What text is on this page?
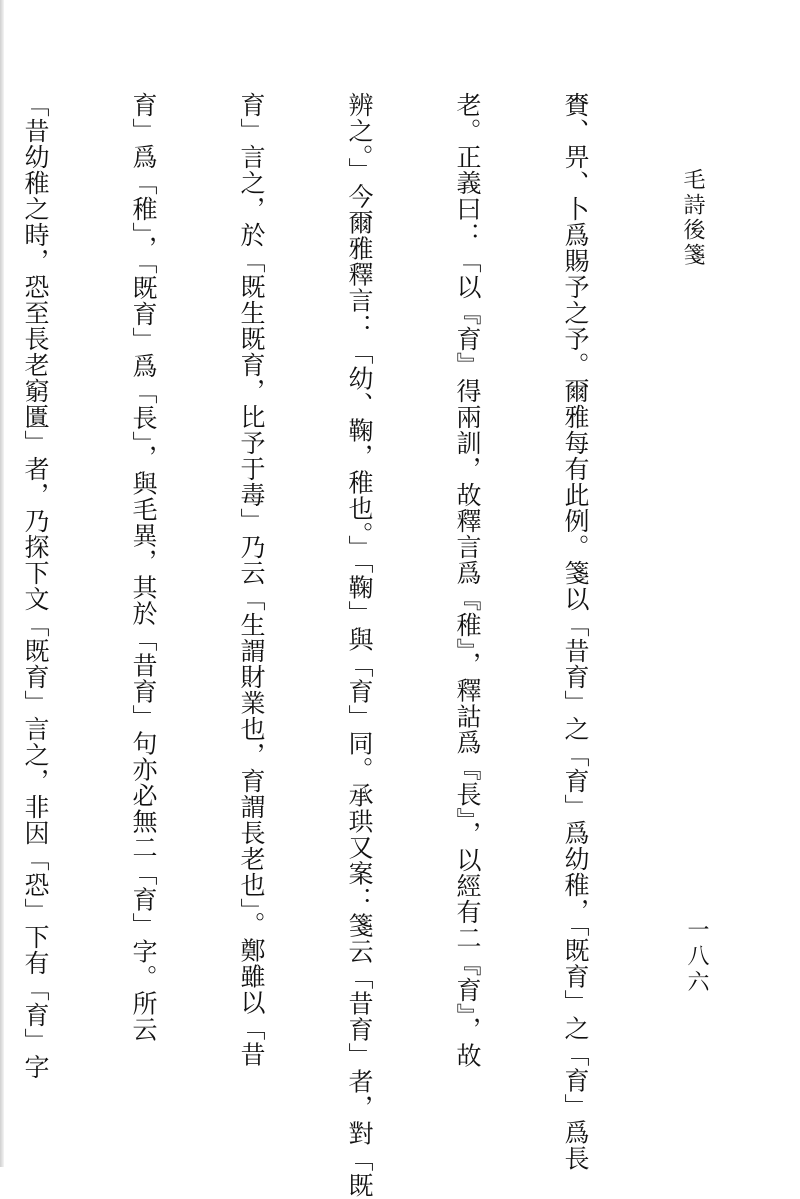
毛詩後箋
一八六

賚、畀、卜爲賜予之予。爾雅每有此例。箋以「昔育」之「育」爲幼稚，「既育」之「育」爲長

老。正義曰：「以『育』得兩訓，故釋言爲『稚』，釋詁爲『長』，以經有二『育』，故

辨之。」今爾雅釋言：「幼、鞠，稚也。」「鞠」與「育」同。承珙又案：箋云「昔育」者，對「既

育」言之，於「既生既育，比予于毒」乃云「生謂財業也，育謂長老也」。鄭雖以「昔

育」爲「稚」，「既育」爲「長」，與毛異，其於「昔育」句亦必無二「育」字。所云

「昔幼稚之時，恐至長老窮匱」者，乃探下文「既育」言之，非因「恐」下有「育」字
